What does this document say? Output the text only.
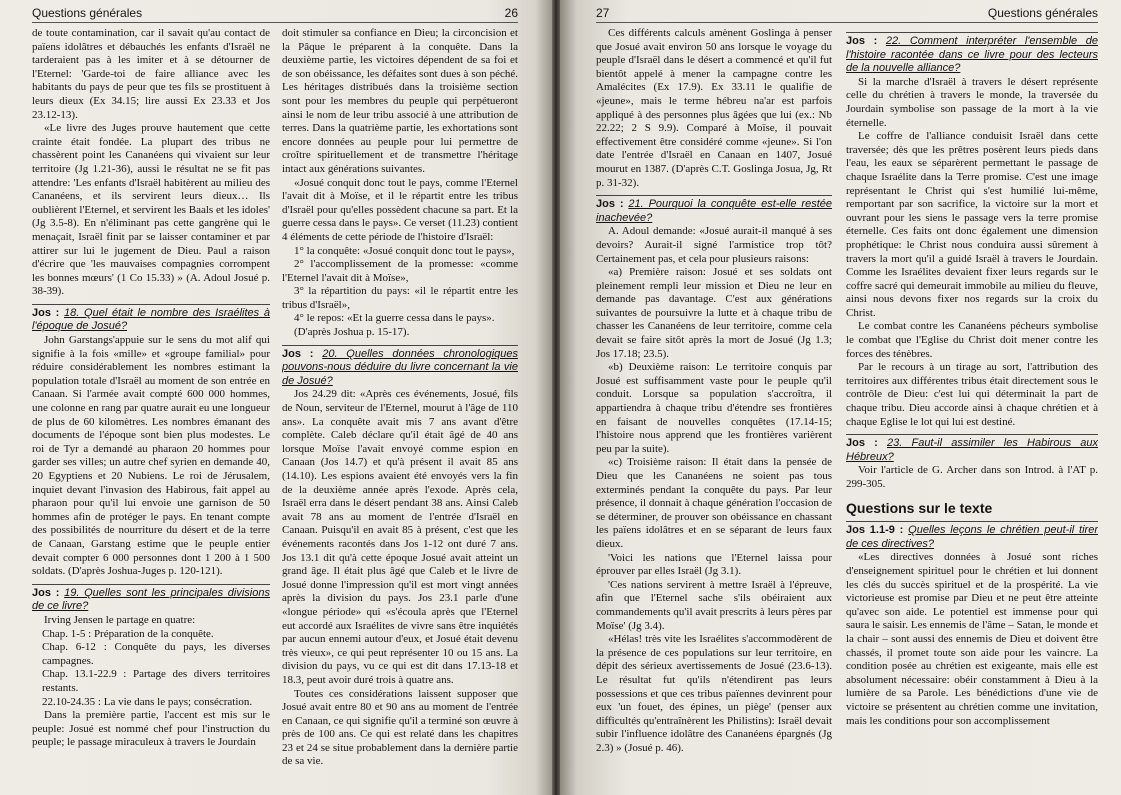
Questions générales	26

de toute contamination, car il savait qu'au contact de païens idolâtres et débauchés les enfants d'Israël ne tarderaient pas à les imiter et à se détourner de l'Eternel: 'Garde-toi de faire alliance avec les habitants du pays de peur que tes fils se prostituent à leurs dieux (Ex 34.15; lire aussi Ex 23.33 et Jos 23.12-13).

«Le livre des Juges prouve hautement que cette crainte était fondée. La plupart des tribus ne chassèrent point les Cananéens qui vivaient sur leur territoire (Jg 1.21-36), aussi le résultat ne se fit pas attendre: 'Les enfants d'Israël habitèrent au milieu des Cananéens, et ils servirent leurs dieux… Ils oublièrent l'Eternel, et servirent les Baals et les idoles' (Jg 3.5-8). En n'éliminant pas cette gangrène qui le menaçait, Israël finit par se laisser contaminer et par attirer sur lui le jugement de Dieu. Paul a raison d'écrire que 'les mauvaises compagnies corrompent les bonnes mœurs' (1 Co 15.33) » (A. Adoul Josué p. 38-39).

Jos : 18. Quel était le nombre des Israélites à l'époque de Josué?

John Garstangs'appuie sur le sens du mot alif qui signifie à la fois «mille» et «groupe familial» pour réduire considérablement les nombres estimant la population totale d'Israël au moment de son entrée en Canaan. Si l'armée avait compté 600 000 hommes, une colonne en rang par quatre aurait eu une longueur de plus de 60 kilomètres. Les nombres émanant des documents de l'époque sont bien plus modestes. Le roi de Tyr a demandé au pharaon 20 hommes pour garder ses villes; un autre chef syrien en demande 40, 20 Egyptiens et 20 Nubiens. Le roi de Jérusalem, inquiet devant l'invasion des Habirous, fait appel au pharaon pour qu'il lui envoie une garnison de 50 hommes afin de protéger le pays. En tenant compte des possibilités de nourriture du désert et de la terre de Canaan, Garstang estime que le peuple entier devait compter 6 000 personnes dont 1 200 à 1 500 soldats. (D'après Joshua-Juges p. 120-121).

Jos : 19. Quelles sont les principales divisions de ce livre?

Irving Jensen le partage en quatre:

Chap. 1-5 : Préparation de la conquête.

Chap. 6-12 : Conquête du pays, les diverses campagnes.

Chap. 13.1-22.9 : Partage des divers territoires restants.

22.10-24.35 : La vie dans le pays; consécration.

Dans la première partie, l'accent est mis sur le peuple: Josué est nommé chef pour l'instruction du peuple; le passage miraculeux à travers le Jourdain

doit stimuler sa confiance en Dieu; la circoncision et la Pâque le préparent à la conquête. Dans la deuxième partie, les victoires dépendent de sa foi et de son obéissance, les défaites sont dues à son péché. Les héritages distribués dans la troisième section sont pour les membres du peuple qui perpétueront ainsi le nom de leur tribu associé à une attribution de terres. Dans la quatrième partie, les exhortations sont encore données au peuple pour lui permettre de croître spirituellement et de transmettre l'héritage intact aux générations suivantes.

«Josué conquit donc tout le pays, comme l'Eternel l'avait dit à Moïse, et il le répartit entre les tribus d'Israël pour qu'elles possèdent chacune sa part. Et la guerre cessa dans le pays». Ce verset (11.23) contient 4 éléments de cette période de l'histoire d'Israël:

1° la conquête: «Josué conquit donc tout le pays»,

2° l'accomplissement de la promesse: «comme l'Eternel l'avait dit à Moïse»,

3° la répartition du pays: «il le répartit entre les tribus d'Israël»,

4° le repos: «Et la guerre cessa dans le pays».

(D'après Joshua p. 15-17).

Jos : 20. Quelles données chronologiques pouvons-nous déduire du livre concernant la vie de Josué?

Jos 24.29 dit: «Après ces événements, Josué, fils de Noun, serviteur de l'Eternel, mourut à l'âge de 110 ans». La conquête avait mis 7 ans avant d'être complète. Caleb déclare qu'il était âgé de 40 ans lorsque Moïse l'avait envoyé comme espion en Canaan (Jos 14.7) et qu'à présent il avait 85 ans (14.10). Les espions avaient été envoyés vers la fin de la deuxième année après l'exode. Après cela, Israël erra dans le désert pendant 38 ans. Ainsi Caleb avait 78 ans au moment de l'entrée d'Israël en Canaan. Puisqu'il en avait 85 à présent, c'est que les événements racontés dans Jos 1-12 ont duré 7 ans. Jos 13.1 dit qu'à cette époque Josué avait atteint un grand âge. Il était plus âgé que Caleb et le livre de Josué donne l'impression qu'il est mort vingt années après la division du pays. Jos 23.1 parle d'une «longue période» qui «s'écoula après que l'Eternel eut accordé aux Israélites de vivre sans être inquiétés par aucun ennemi autour d'eux, et Josué était devenu très vieux», ce qui peut représenter 10 ou 15 ans. La division du pays, vu ce qui est dit dans 17.13-18 et 18.3, peut avoir duré trois à quatre ans.

Toutes ces considérations laissent supposer que Josué avait entre 80 et 90 ans au moment de l'entrée en Canaan, ce qui signifie qu'il a terminé son œuvre à près de 100 ans. Ce qui est relaté dans les chapitres 23 et 24 se situe probablement dans la dernière partie de sa vie.

27	Questions générales

Ces différents calculs amènent Goslinga à penser que Josué avait environ 50 ans lorsque le voyage du peuple d'Israël dans le désert a commencé et qu'il fut bientôt appelé à mener la campagne contre les Amalécites (Ex 17.9). Ex 33.11 le qualifie de «jeune», mais le terme hébreu na'ar est parfois appliqué à des personnes plus âgées que lui (ex.: Nb 22.22; 2 S 9.9). Comparé à Moïse, il pouvait effectivement être considéré comme «jeune». Si l'on date l'entrée d'Israël en Canaan en 1407, Josué mourut en 1387. (D'après C.T. Goslinga Josua, Jg, Rt p. 31-32).

Jos : 21. Pourquoi la conquête est-elle restée inachevée?

A. Adoul demande: «Josué aurait-il manqué à ses devoirs? Aurait-il signé l'armistice trop tôt? Certainement pas, et cela pour plusieurs raisons:

«a) Première raison: Josué et ses soldats ont pleinement rempli leur mission et Dieu ne leur en demande pas davantage. C'est aux générations suivantes de poursuivre la lutte et à chaque tribu de chasser les Cananéens de leur territoire, comme cela devait se faire sitôt après la mort de Josué (Jg 1.3; Jos 17.18; 23.5).

«b) Deuxième raison: Le territoire conquis par Josué est suffisamment vaste pour le peuple qu'il conduit. Lorsque sa population s'accroîtra, il appartiendra à chaque tribu d'étendre ses frontières en faisant de nouvelles conquêtes (17.14-15; l'histoire nous apprend que les frontières varièrent peu par la suite).

«c) Troisième raison: Il était dans la pensée de Dieu que les Cananéens ne soient pas tous exterminés pendant la conquête du pays. Par leur présence, il donnait à chaque génération l'occasion de se déterminer, de prouver son obéissance en chassant les païens idolâtres et en se séparant de leurs faux dieux.

'Voici les nations que l'Eternel laissa pour éprouver par elles Israël (Jg 3.1).

'Ces nations servirent à mettre Israël à l'épreuve, afin que l'Eternel sache s'ils obéiraient aux commandements qu'il avait prescrits à leurs pères par Moïse' (Jg 3.4).

«Hélas! très vite les Israélites s'accommodèrent de la présence de ces populations sur leur territoire, en dépit des sérieux avertissements de Josué (23.6-13). Le résultat fut qu'ils n'étendirent pas leurs possessions et que ces tribus païennes devinrent pour eux 'un fouet, des épines, un piège' (penser aux difficultés qu'entraînèrent les Philistins): Israël devait subir l'influence idolâtre des Cananéens épargnés (Jg 2.3) » (Josué p. 46).

Jos : 22. Comment interpréter l'ensemble de l'histoire racontée dans ce livre pour des lecteurs de la nouvelle alliance?

Si la marche d'Israël à travers le désert représente celle du chrétien à travers le monde, la traversée du Jourdain symbolise son passage de la mort à la vie éternelle.

Le coffre de l'alliance conduisit Israël dans cette traversée; dès que les prêtres posèrent leurs pieds dans l'eau, les eaux se séparèrent permettant le passage de chaque Israélite dans la Terre promise. C'est une image représentant le Christ qui s'est humilié lui-même, remportant par son sacrifice, la victoire sur la mort et ouvrant pour les siens le passage vers la terre promise éternelle. Ces faits ont donc également une dimension prophétique: le Christ nous conduira aussi sûrement à travers la mort qu'il a guidé Israël à travers le Jourdain. Comme les Israélites devaient fixer leurs regards sur le coffre sacré qui demeurait immobile au milieu du fleuve, ainsi nous devons fixer nos regards sur la croix du Christ.

Le combat contre les Cananéens pécheurs symbolise le combat que l'Eglise du Christ doit mener contre les forces des ténèbres.

Par le recours à un tirage au sort, l'attribution des territoires aux différentes tribus était directement sous le contrôle de Dieu: c'est lui qui déterminait la part de chaque tribu. Dieu accorde ainsi à chaque chrétien et à chaque Eglise le lot qui lui est destiné.

Jos : 23. Faut-il assimiler les Habirous aux Hébreux?

Voir l'article de G. Archer dans son Introd. à l'AT p. 299-305.

Questions sur le texte
Jos 1.1-9 : Quelles leçons le chrétien peut-il tirer de ces directives?

«Les directives données à Josué sont riches d'enseignement spirituel pour le chrétien et lui donnent les clés du succès spirituel et de la prospérité. La vie victorieuse est promise par Dieu et ne peut être atteinte qu'avec son aide. Le potentiel est immense pour qui saura le saisir. Les ennemis de l'âme – Satan, le monde et la chair – sont aussi des ennemis de Dieu et doivent être chassés, il promet toute son aide pour les vaincre. La condition posée au chrétien est exigeante, mais elle est absolument nécessaire: obéir constamment à Dieu à la lumière de sa Parole. Les bénédictions d'une vie de victoire se présentent au chrétien comme une invitation, mais les conditions pour son accomplissement
